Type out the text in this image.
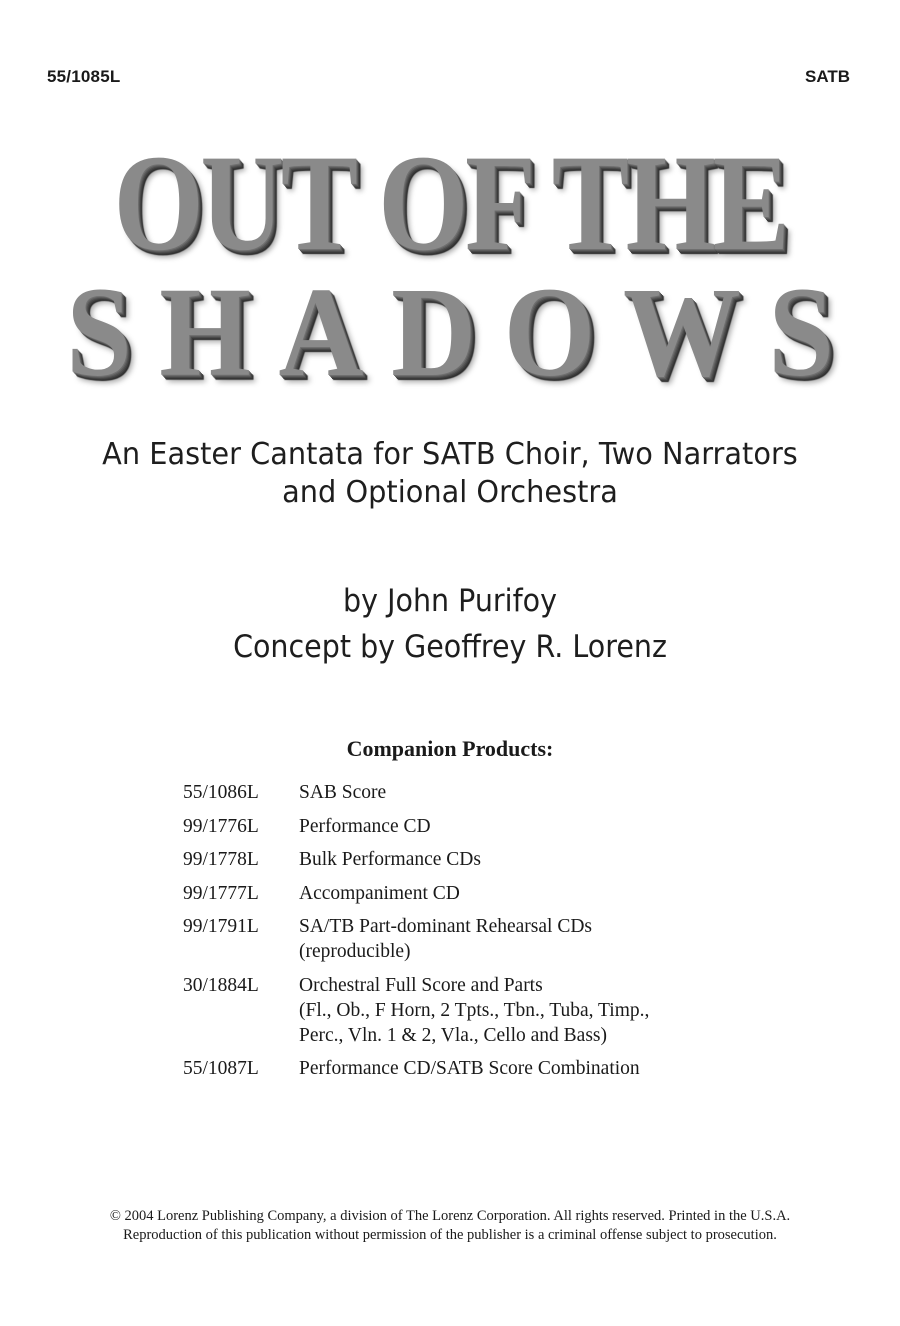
55/1085L	SATB
OUT OF THE
SHADOWS
An Easter Cantata for SATB Choir, Two Narrators
and Optional Orchestra
by John Purifoy
Concept by Geoffrey R. Lorenz
Companion Products:
55/1086L	SAB Score
99/1776L	Performance CD
99/1778L	Bulk Performance CDs
99/1777L	Accompaniment CD
99/1791L	SA/TB Part-dominant Rehearsal CDs
(reproducible)
30/1884L	Orchestral Full Score and Parts
(Fl., Ob., F Horn, 2 Tpts., Tbn., Tuba, Timp.,
Perc., Vln. 1 & 2, Vla., Cello and Bass)
55/1087L	Performance CD/SATB Score Combination
© 2004 Lorenz Publishing Company, a division of The Lorenz Corporation. All rights reserved. Printed in the U.S.A.
Reproduction of this publication without permission of the publisher is a criminal offense subject to prosecution.
